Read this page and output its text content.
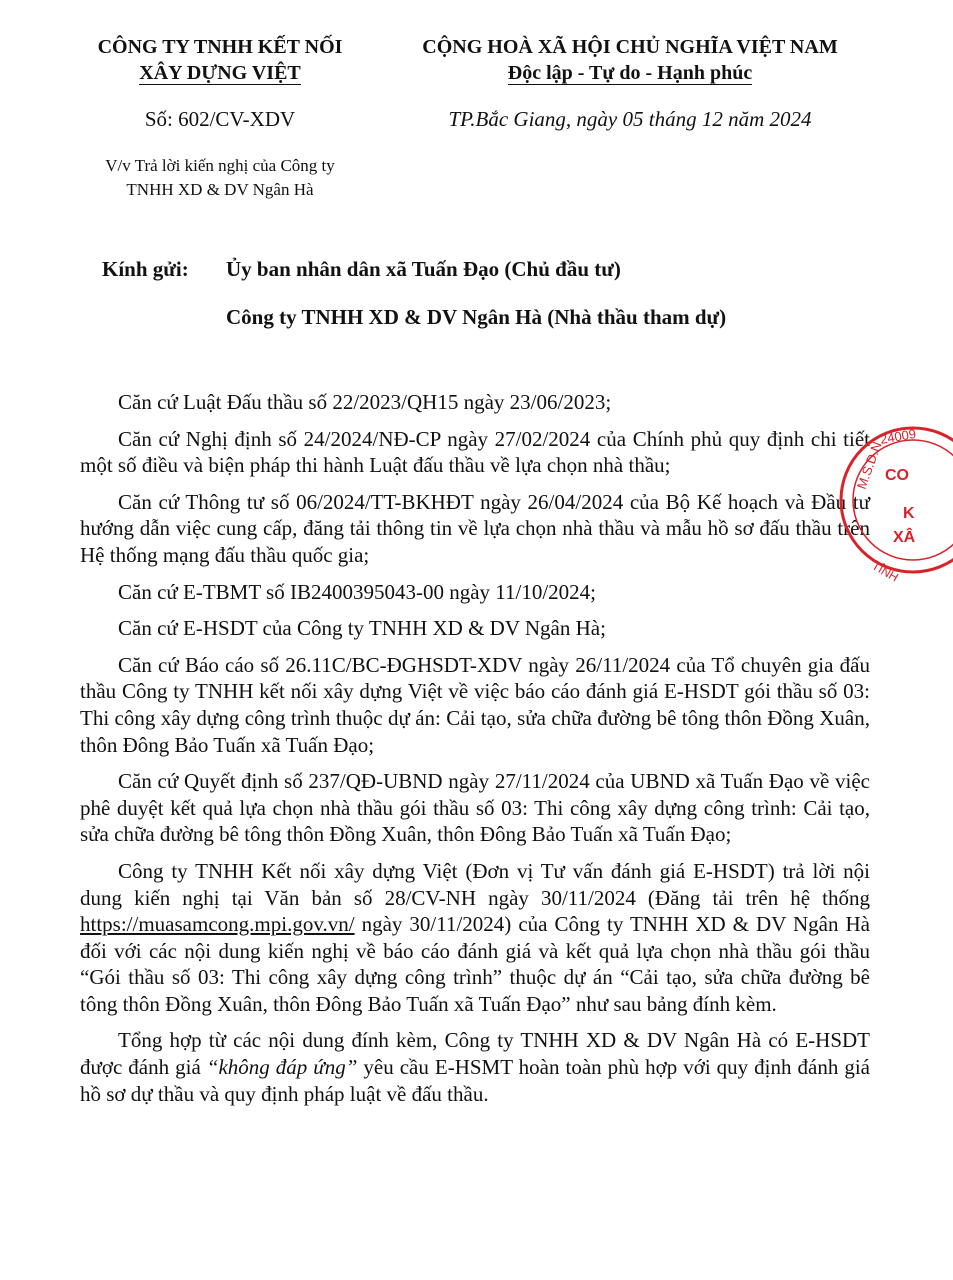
CÔNG TY TNHH KẾT NỐI
XÂY DỰNG VIỆT
CỘNG HOÀ XÃ HỘI CHỦ NGHĨA VIỆT NAM
Độc lập - Tự do - Hạnh phúc
Số: 602/CV-XDV	TP.Bắc Giang, ngày 05 tháng 12 năm 2024
V/v Trả lời kiến nghị của Công ty
TNHH XD & DV Ngân Hà
Kính gửi: Ủy ban nhân dân xã Tuấn Đạo (Chủ đầu tư)
Công ty TNHH XD & DV Ngân Hà (Nhà thầu tham dự)

Căn cứ Luật Đấu thầu số 22/2023/QH15 ngày 23/06/2023;

Căn cứ Nghị định số 24/2024/NĐ-CP ngày 27/02/2024 của Chính phủ quy định chi tiết một số điều và biện pháp thi hành Luật đấu thầu về lựa chọn nhà thầu;

Căn cứ Thông tư số 06/2024/TT-BKHĐT ngày 26/04/2024 của Bộ Kế hoạch và Đầu tư hướng dẫn việc cung cấp, đăng tải thông tin về lựa chọn nhà thầu và mẫu hồ sơ đấu thầu trên Hệ thống mạng đấu thầu quốc gia;

Căn cứ E-TBMT số IB2400395043-00 ngày 11/10/2024;

Căn cứ E-HSDT của Công ty TNHH XD & DV Ngân Hà;

Căn cứ Báo cáo số 26.11C/BC-ĐGHSDT-XDV ngày 26/11/2024 của Tổ chuyên gia đấu thầu Công ty TNHH kết nối xây dựng Việt về việc báo cáo đánh giá E-HSDT gói thầu số 03: Thi công xây dựng công trình thuộc dự án: Cải tạo, sửa chữa đường bê tông thôn Đồng Xuân, thôn Đông Bảo Tuấn xã Tuấn Đạo;

Căn cứ Quyết định số 237/QĐ-UBND ngày 27/11/2024 của UBND xã Tuấn Đạo về việc phê duyệt kết quả lựa chọn nhà thầu gói thầu số 03: Thi công xây dựng công trình: Cải tạo, sửa chữa đường bê tông thôn Đồng Xuân, thôn Đông Bảo Tuấn xã Tuấn Đạo;

Công ty TNHH Kết nối xây dựng Việt (Đơn vị Tư vấn đánh giá E-HSDT) trả lời nội dung kiến nghị tại Văn bản số 28/CV-NH ngày 30/11/2024 (Đăng tải trên hệ thống https://muasamcong.mpi.gov.vn/ ngày 30/11/2024) của Công ty TNHH XD & DV Ngân Hà đối với các nội dung kiến nghị về báo cáo đánh giá và kết quả lựa chọn nhà thầu gói thầu “Gói thầu số 03: Thi công xây dựng công trình” thuộc dự án “Cải tạo, sửa chữa đường bê tông thôn Đồng Xuân, thôn Đông Bảo Tuấn xã Tuấn Đạo” như sau bảng đính kèm.

Tổng hợp từ các nội dung đính kèm, Công ty TNHH XD & DV Ngân Hà có E-HSDT được đánh giá “không đáp ứng” yêu cầu E-HSMT hoàn toàn phù hợp với quy định đánh giá hồ sơ dự thầu và quy định pháp luật về đấu thầu.

24009
M.S.D.N CO
K
XÂ
TỈNH
